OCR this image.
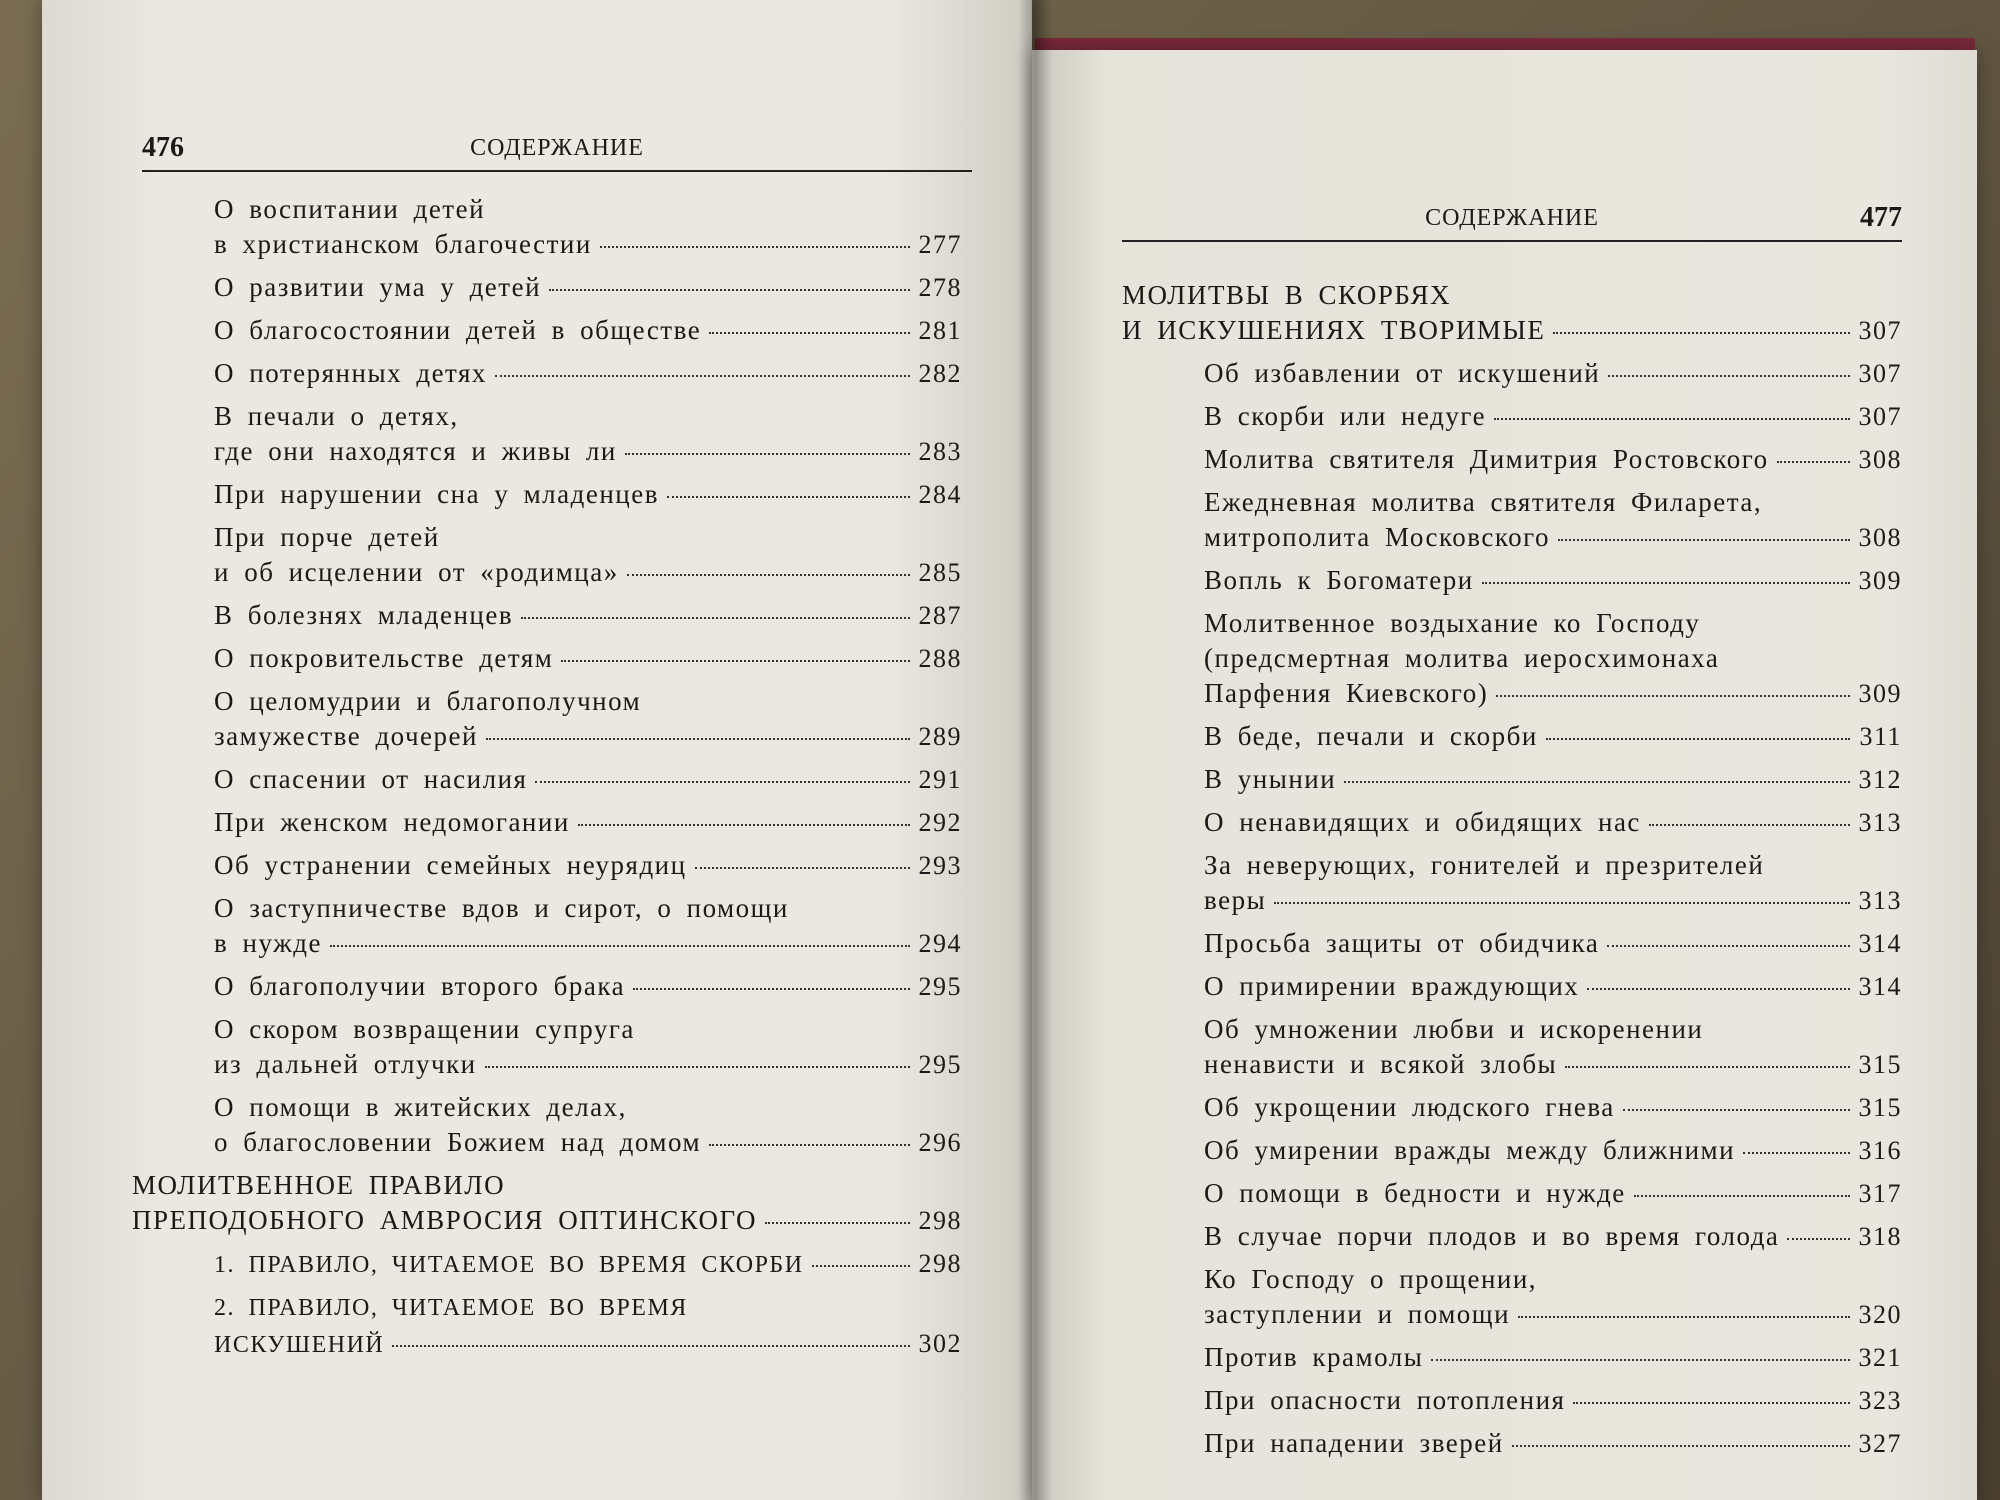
476	СОДЕРЖАНИЕ
О воспитании детей
в христианском благочестии	277
О развитии ума у детей	278
О благосостоянии детей в обществе	281
О потерянных детях	282
В печали о детях,
где они находятся и живы ли	283
При нарушении сна у младенцев	284
При порче детей
и об исцелении от «родимца»	285
В болезнях младенцев	287
О покровительстве детям	288
О целомудрии и благополучном
замужестве дочерей	289
О спасении от насилия	291
При женском недомогании	292
Об устранении семейных неурядиц	293
О заступничестве вдов и сирот, о помощи
в нужде	294
О благополучии второго брака	295
О скором возвращении супруга
из дальней отлучки	295
О помощи в житейских делах,
о благословении Божием над домом	296
МОЛИТВЕННОЕ ПРАВИЛО
ПРЕПОДОБНОГО АМВРОСИЯ ОПТИНСКОГО	298
1. ПРАВИЛО, ЧИТАЕМОЕ ВО ВРЕМЯ СКОРБИ	298
2. ПРАВИЛО, ЧИТАЕМОЕ ВО ВРЕМЯ
ИСКУШЕНИЙ	302
СОДЕРЖАНИЕ	477
МОЛИТВЫ В СКОРБЯХ
И ИСКУШЕНИЯХ ТВОРИМЫЕ	307
Об избавлении от искушений	307
В скорби или недуге	307
Молитва святителя Димитрия Ростовского	308
Ежедневная молитва святителя Филарета,
митрополита Московского	308
Вопль к Богоматери	309
Молитвенное воздыхание ко Господу
(предсмертная молитва иеросхимонаха
Парфения Киевского)	309
В беде, печали и скорби	311
В унынии	312
О ненавидящих и обидящих нас	313
За неверующих, гонителей и презрителей
веры	313
Просьба защиты от обидчика	314
О примирении враждующих	314
Об умножении любви и искоренении
ненависти и всякой злобы	315
Об укрощении людского гнева	315
Об умирении вражды между ближними	316
О помощи в бедности и нужде	317
В случае порчи плодов и во время голода	318
Ко Господу о прощении,
заступлении и помощи	320
Против крамолы	321
При опасности потопления	323
При нападении зверей	327
